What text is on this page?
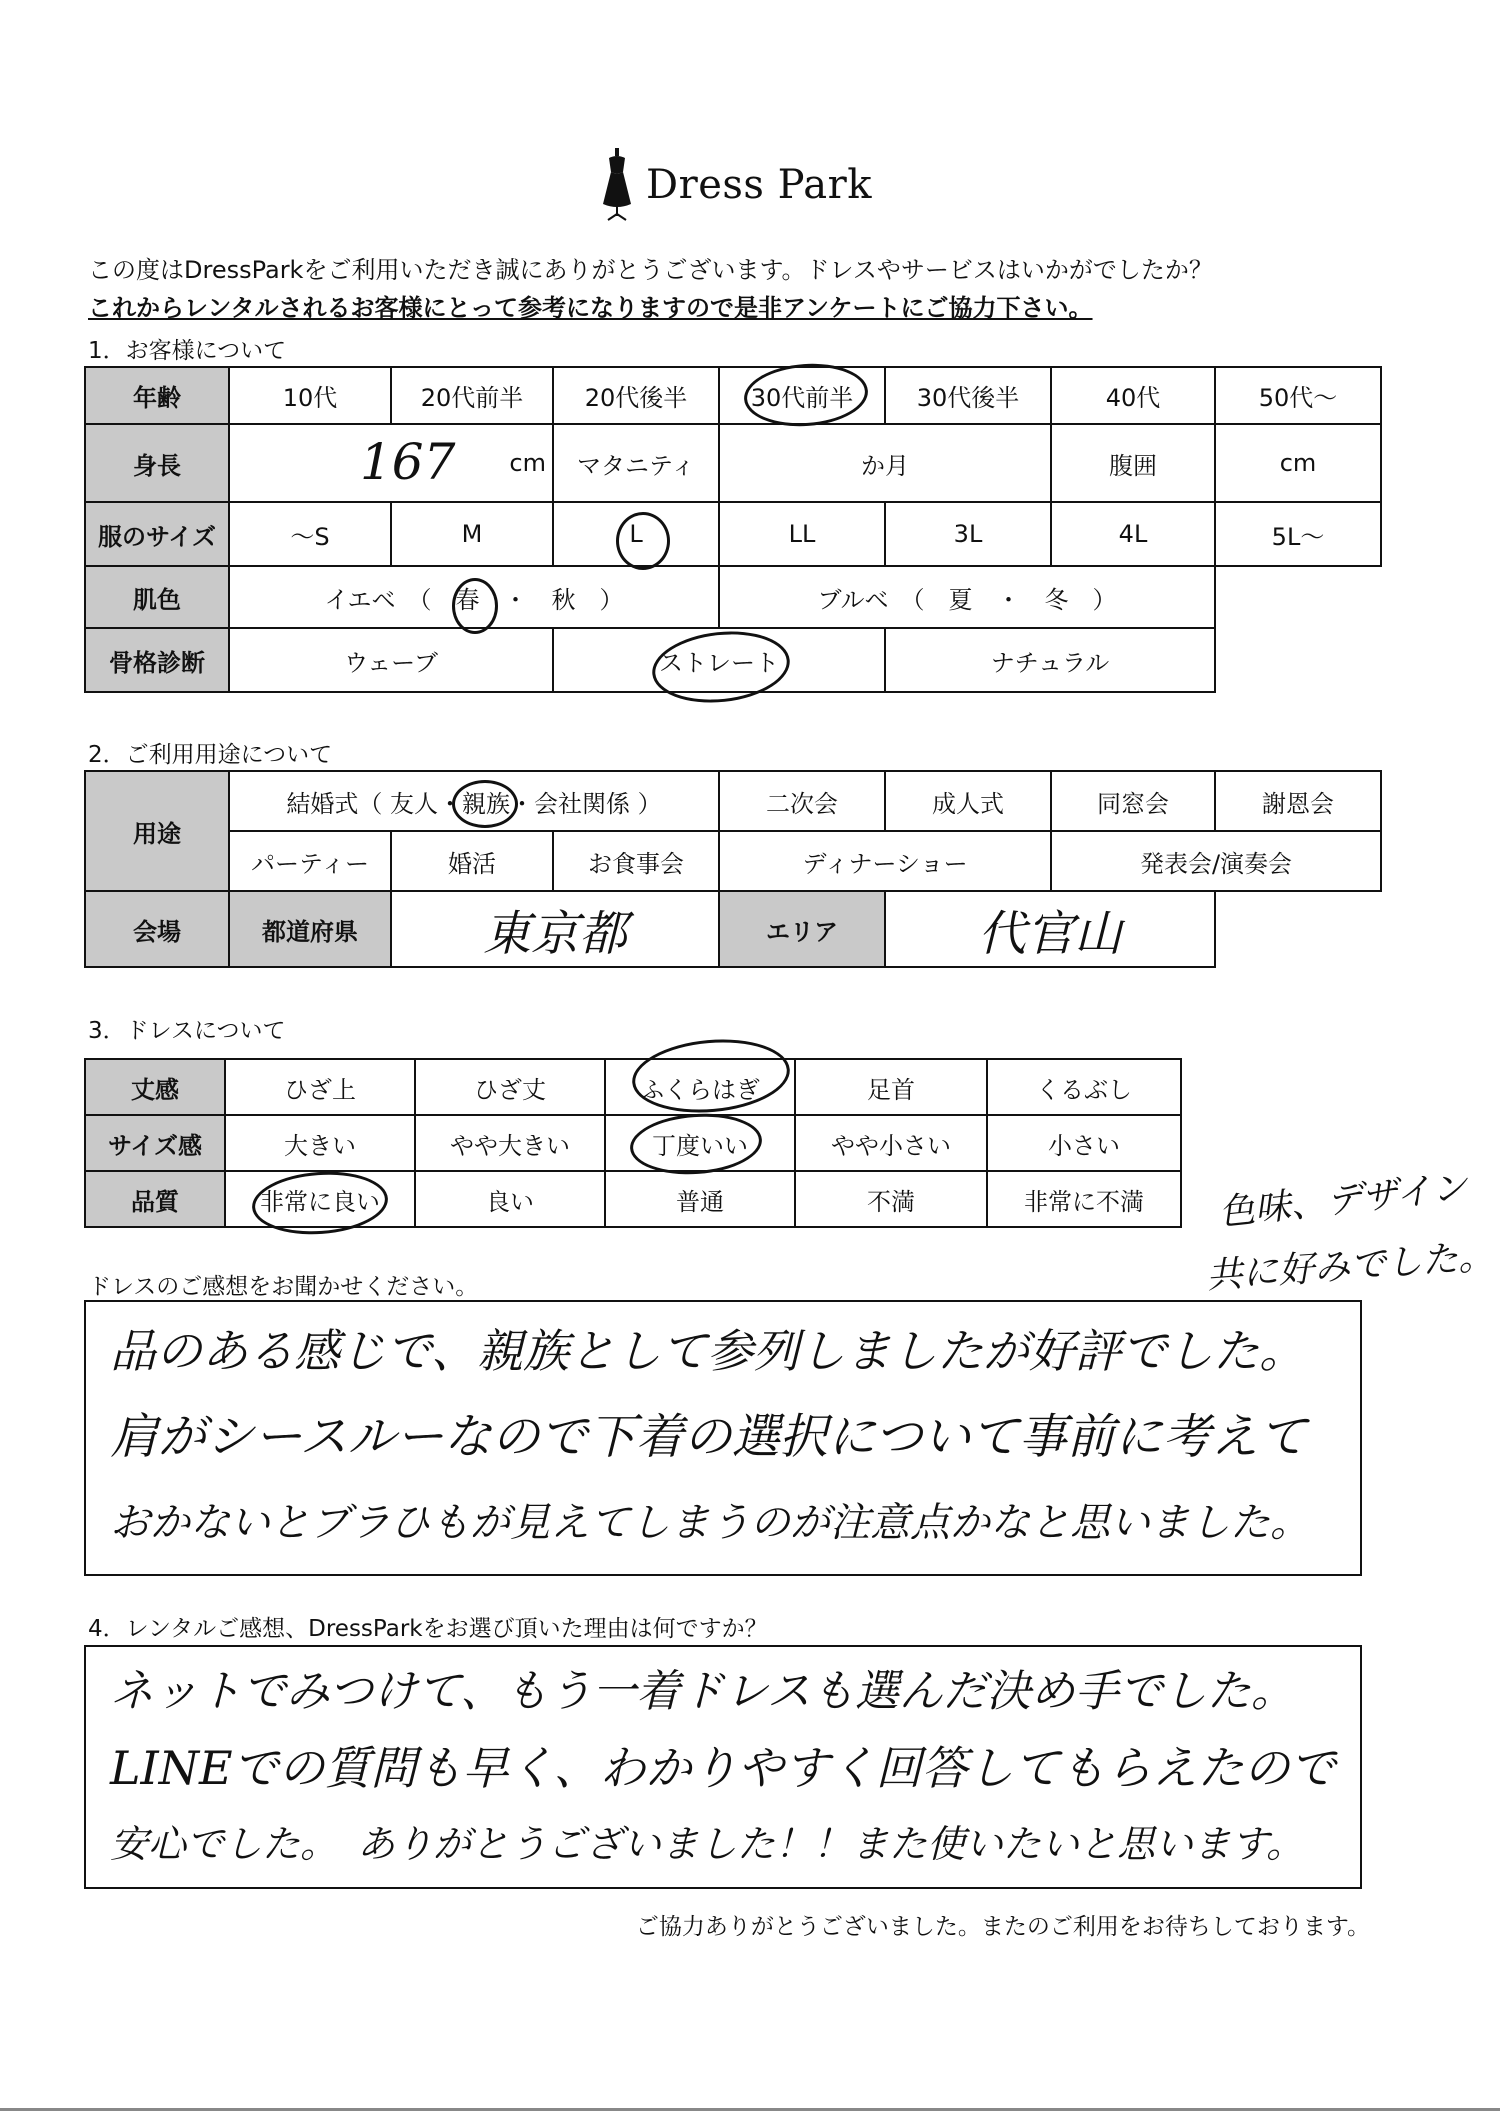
Dress Park
この度はDressParkをご利用いただき誠にありがとうございます。ドレスやサービスはいかがでしたか？
これからレンタルされるお客様にとって参考になりますので是非アンケートにご協力下さい。
1．お客様について
年齢	10代	20代前半	20代後半	30代前半	30代後半	40代	50代〜
身長	167 cm		マタニティ	か月		腹囲	cm
服のサイズ	〜S	M	L	LL	3L	4L	5L〜
肌色	イエベ　（　春　・　秋　）			ブルベ　（　夏　・　冬　）			
骨格診断	ウェーブ		ストレート		ナチュラル		
2．ご利用用途について
用途	結婚式（ 友人・親族・会社関係 ）			二次会	成人式	同窓会	謝恩会
	パーティー	婚活	お食事会	ディナーショー		発表会/演奏会	
会場	都道府県	東京都		エリア	代官山		
3．ドレスについて
丈感	ひざ上	ひざ丈	ふくらはぎ	足首	くるぶし
サイズ感	大きい	やや大きい	丁度いい	やや小さい	小さい
品質	非常に良い	良い	普通	不満	非常に不満 色味、デザイン
共に好みでした。
ドレスのご感想をお聞かせください。
品のある感じで、親族として参列しましたが好評でした。
肩がシースルーなので下着の選択について事前に考えて
おかないとブラひもが見えてしまうのが注意点かなと思いました。
4．レンタルご感想、DressParkをお選び頂いた理由は何ですか？
ネットでみつけて、もう一着ドレスも選んだ決め手でした。
LINEでの質問も早く、わかりやすく回答してもらえたので
安心でした。　ありがとうございました！！また使いたいと思います。
ご協力ありがとうございました。またのご利用をお待ちしております。
